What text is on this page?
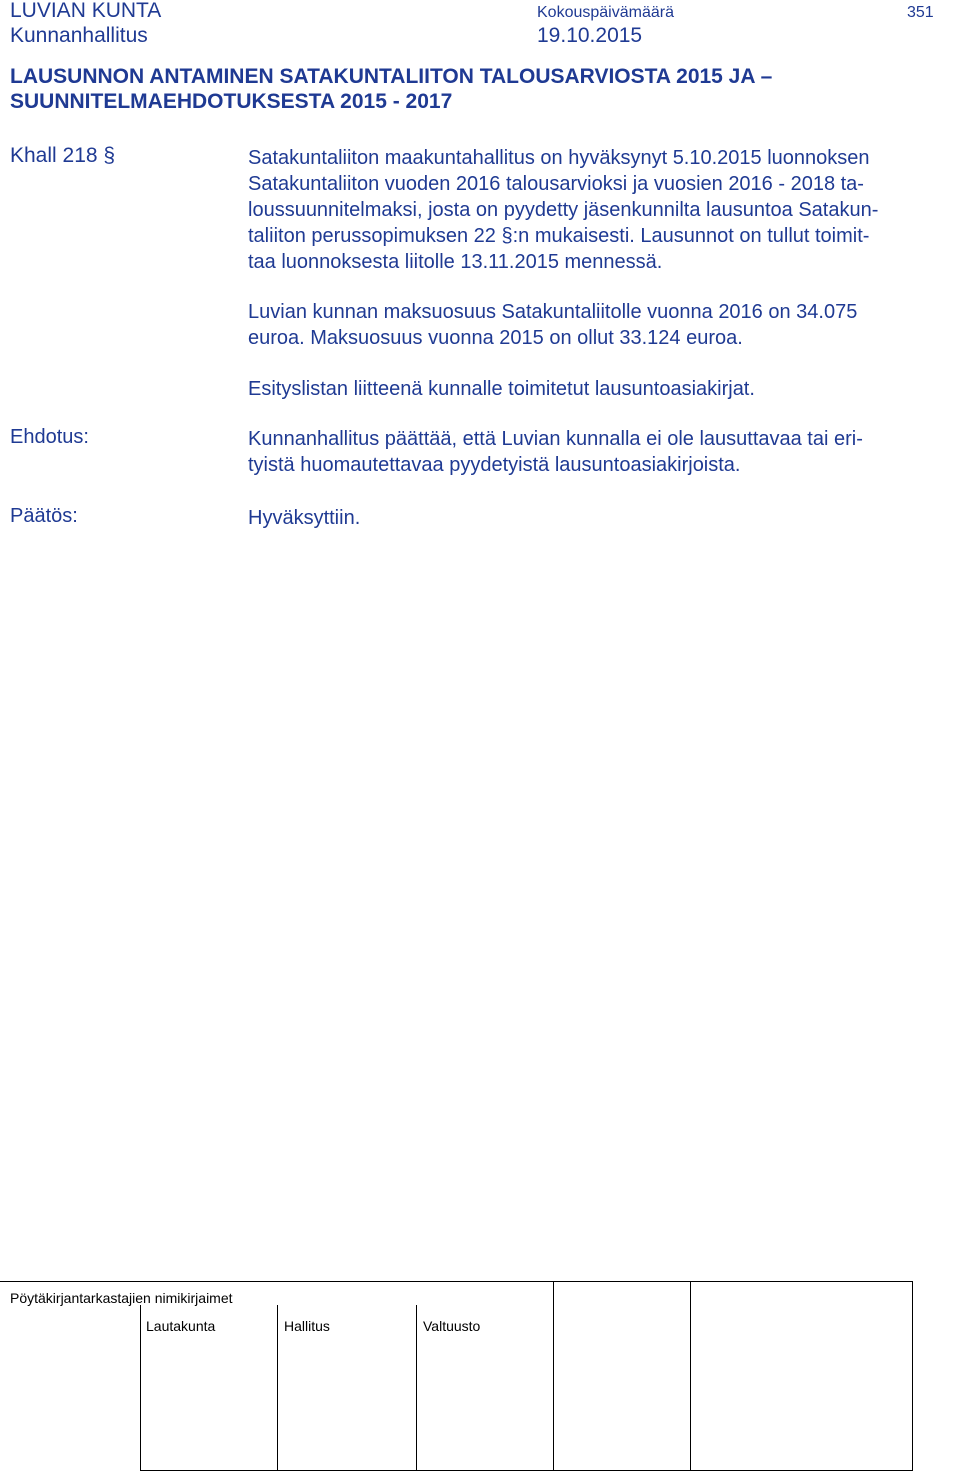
LUVIAN KUNTA
Kunnanhallitus
Kokouspäivämäärä
19.10.2015
351
LAUSUNNON ANTAMINEN SATAKUNTALIITON TALOUSARVIOSTA 2015 JA –
SUUNNITELMAEHDOTUKSESTA 2015 - 2017
Khall 218 §	Satakuntaliiton maakuntahallitus on hyväksynyt 5.10.2015 luonnoksen
Satakuntaliiton vuoden 2016 talousarvioksi ja vuosien 2016 - 2018 ta-
loussuunnitelmaksi, josta on pyydetty jäsenkunnilta lausuntoa Satakun-
taliiton perussopimuksen 22 §:n mukaisesti. Lausunnot on tullut toimit-
taa luonnoksesta liitolle 13.11.2015 mennessä.
Luvian kunnan maksuosuus Satakuntaliitolle vuonna 2016 on 34.075
euroa. Maksuosuus vuonna 2015 on ollut 33.124 euroa.
Esityslistan liitteenä kunnalle toimitetut lausuntoasiakirjat.
Ehdotus:	Kunnanhallitus päättää, että Luvian kunnalla ei ole lausuttavaa tai eri-
tyistä huomautettavaa pyydetyistä lausuntoasiakirjoista.
Päätös:	Hyväksyttiin.
Pöytäkirjantarkastajien nimikirjaimet
Lautakunta	Hallitus	Valtuusto
